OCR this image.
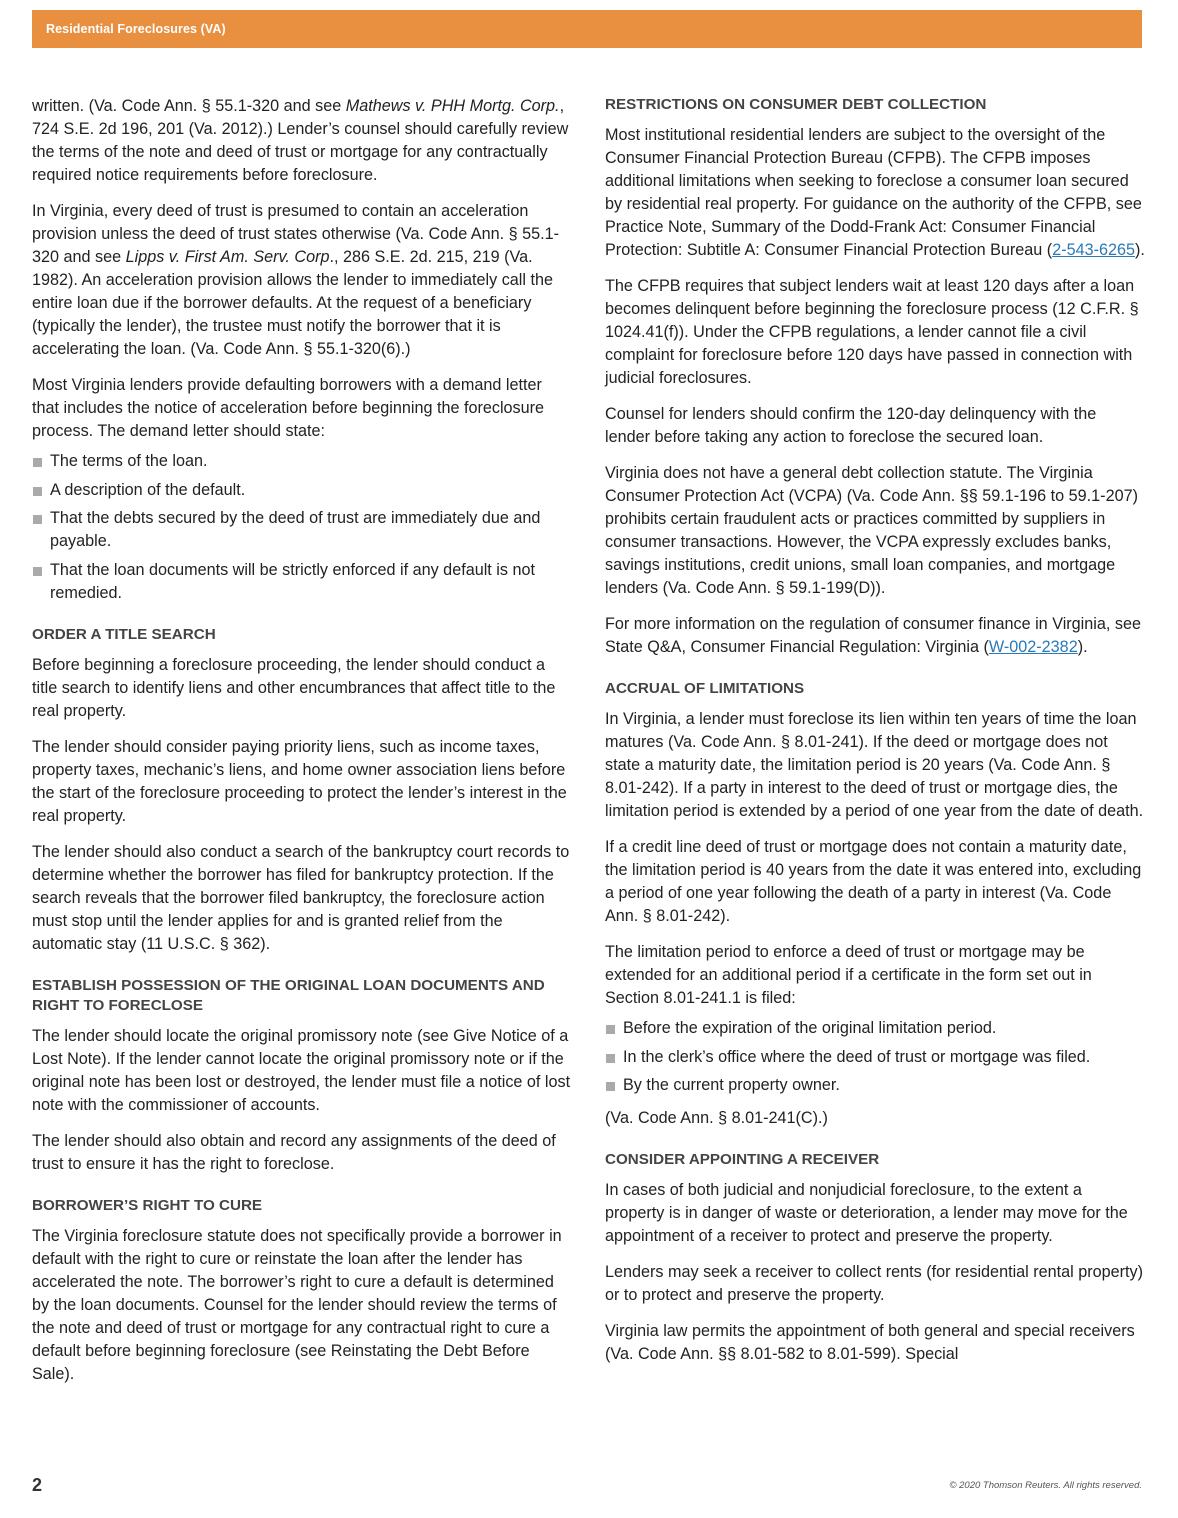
Residential Foreclosures (VA)

written. (Va. Code Ann. § 55.1-320 and see Mathews v. PHH Mortg. Corp., 724 S.E. 2d 196, 201 (Va. 2012).) Lender’s counsel should carefully review the terms of the note and deed of trust or mortgage for any contractually required notice requirements before foreclosure.

In Virginia, every deed of trust is presumed to contain an acceleration provision unless the deed of trust states otherwise (Va. Code Ann. § 55.1-320 and see Lipps v. First Am. Serv. Corp., 286 S.E. 2d. 215, 219 (Va. 1982). An acceleration provision allows the lender to immediately call the entire loan due if the borrower defaults. At the request of a beneficiary (typically the lender), the trustee must notify the borrower that it is accelerating the loan. (Va. Code Ann. § 55.1-320(6).)

Most Virginia lenders provide defaulting borrowers with a demand letter that includes the notice of acceleration before beginning the foreclosure process. The demand letter should state:

The terms of the loan.
A description of the default.
That the debts secured by the deed of trust are immediately due and payable.
That the loan documents will be strictly enforced if any default is not remedied.
ORDER A TITLE SEARCH

Before beginning a foreclosure proceeding, the lender should conduct a title search to identify liens and other encumbrances that affect title to the real property.

The lender should consider paying priority liens, such as income taxes, property taxes, mechanic’s liens, and home owner association liens before the start of the foreclosure proceeding to protect the lender’s interest in the real property.

The lender should also conduct a search of the bankruptcy court records to determine whether the borrower has filed for bankruptcy protection. If the search reveals that the borrower filed bankruptcy, the foreclosure action must stop until the lender applies for and is granted relief from the automatic stay (11 U.S.C. § 362).

ESTABLISH POSSESSION OF THE ORIGINAL LOAN DOCUMENTS AND RIGHT TO FORECLOSE

The lender should locate the original promissory note (see Give Notice of a Lost Note). If the lender cannot locate the original promissory note or if the original note has been lost or destroyed, the lender must file a notice of lost note with the commissioner of accounts.

The lender should also obtain and record any assignments of the deed of trust to ensure it has the right to foreclose.

BORROWER’S RIGHT TO CURE

The Virginia foreclosure statute does not specifically provide a borrower in default with the right to cure or reinstate the loan after the lender has accelerated the note. The borrower’s right to cure a default is determined by the loan documents. Counsel for the lender should review the terms of the note and deed of trust or mortgage for any contractual right to cure a default before beginning foreclosure (see Reinstating the Debt Before Sale).

RESTRICTIONS ON CONSUMER DEBT COLLECTION

Most institutional residential lenders are subject to the oversight of the Consumer Financial Protection Bureau (CFPB). The CFPB imposes additional limitations when seeking to foreclose a consumer loan secured by residential real property. For guidance on the authority of the CFPB, see Practice Note, Summary of the Dodd-Frank Act: Consumer Financial Protection: Subtitle A: Consumer Financial Protection Bureau (2-543-6265).

The CFPB requires that subject lenders wait at least 120 days after a loan becomes delinquent before beginning the foreclosure process (12 C.F.R. § 1024.41(f)). Under the CFPB regulations, a lender cannot file a civil complaint for foreclosure before 120 days have passed in connection with judicial foreclosures.

Counsel for lenders should confirm the 120-day delinquency with the lender before taking any action to foreclose the secured loan.

Virginia does not have a general debt collection statute. The Virginia Consumer Protection Act (VCPA) (Va. Code Ann. §§ 59.1-196 to 59.1-207) prohibits certain fraudulent acts or practices committed by suppliers in consumer transactions. However, the VCPA expressly excludes banks, savings institutions, credit unions, small loan companies, and mortgage lenders (Va. Code Ann. § 59.1-199(D)).

For more information on the regulation of consumer finance in Virginia, see State Q&A, Consumer Financial Regulation: Virginia (W-002-2382).

ACCRUAL OF LIMITATIONS

In Virginia, a lender must foreclose its lien within ten years of time the loan matures (Va. Code Ann. § 8.01-241). If the deed or mortgage does not state a maturity date, the limitation period is 20 years (Va. Code Ann. § 8.01-242). If a party in interest to the deed of trust or mortgage dies, the limitation period is extended by a period of one year from the date of death.

If a credit line deed of trust or mortgage does not contain a maturity date, the limitation period is 40 years from the date it was entered into, excluding a period of one year following the death of a party in interest (Va. Code Ann. § 8.01-242).

The limitation period to enforce a deed of trust or mortgage may be extended for an additional period if a certificate in the form set out in Section 8.01-241.1 is filed:

Before the expiration of the original limitation period.
In the clerk’s office where the deed of trust or mortgage was filed.
By the current property owner.

(Va. Code Ann. § 8.01-241(C).)

CONSIDER APPOINTING A RECEIVER

In cases of both judicial and nonjudicial foreclosure, to the extent a property is in danger of waste or deterioration, a lender may move for the appointment of a receiver to protect and preserve the property.

Lenders may seek a receiver to collect rents (for residential rental property) or to protect and preserve the property.

Virginia law permits the appointment of both general and special receivers (Va. Code Ann. §§ 8.01-582 to 8.01-599). Special

2	© 2020 Thomson Reuters. All rights reserved.
